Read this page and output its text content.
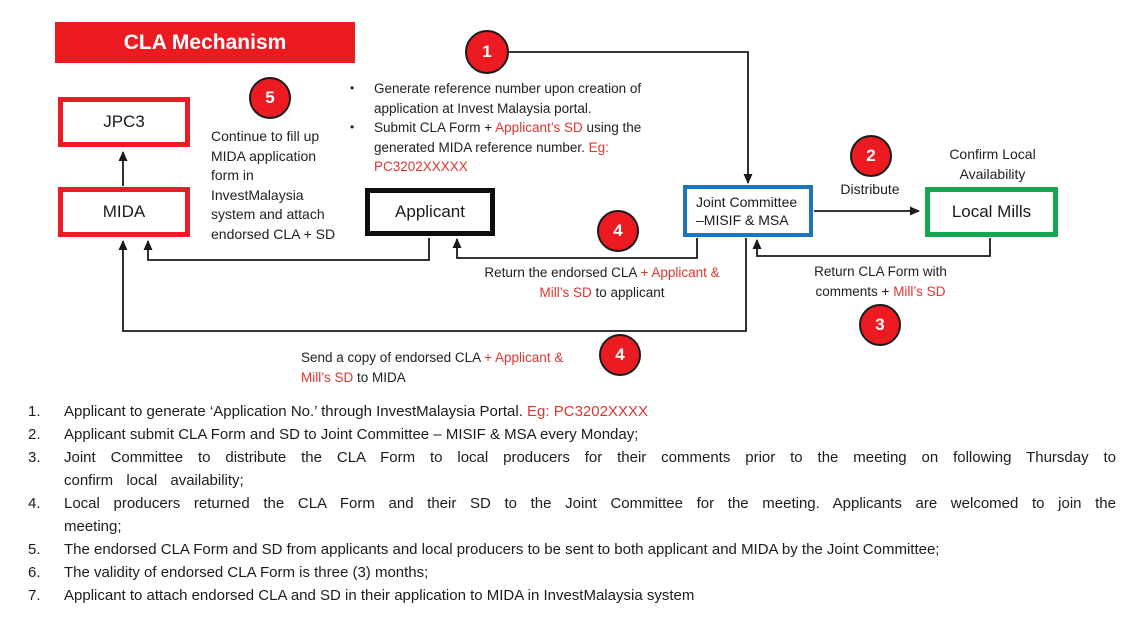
CLA Mechanism
JPC3
MIDA	Applicant
Joint Committee
–MISIF & MSA	Local Mills
1
5
2
4
3
4
Continue to fill up MIDA application form in InvestMalaysia system and attach endorsed CLA + SD
•	Generate reference number upon creation of application at Invest Malaysia portal.
•	Submit CLA Form + Applicant’s SD using the generated MIDA reference number. Eg: PC3202XXXXX
Distribute
Confirm Local Availability
Return the endorsed CLA + Applicant & Mill’s SD to applicant
Return CLA Form with comments + Mill’s SD
Send a copy of endorsed CLA + Applicant & Mill’s SD to MIDA
1.	Applicant to generate ‘Application No.’ through InvestMalaysia Portal. Eg: PC3202XXXX
2.	Applicant submit CLA Form and SD to Joint Committee – MISIF & MSA every Monday;
3.	Joint Committee to distribute the CLA Form to local producers for their comments prior to the meeting on following Thursday to confirm local availability;
4.	Local producers returned the CLA Form and their SD to the Joint Committee for the meeting. Applicants are welcomed to join the meeting;
5.	The endorsed CLA Form and SD from applicants and local producers to be sent to both applicant and MIDA by the Joint Committee;
6.	The validity of endorsed CLA Form is three (3) months;
7.	Applicant to attach endorsed CLA and SD in their application to MIDA in InvestMalaysia system
